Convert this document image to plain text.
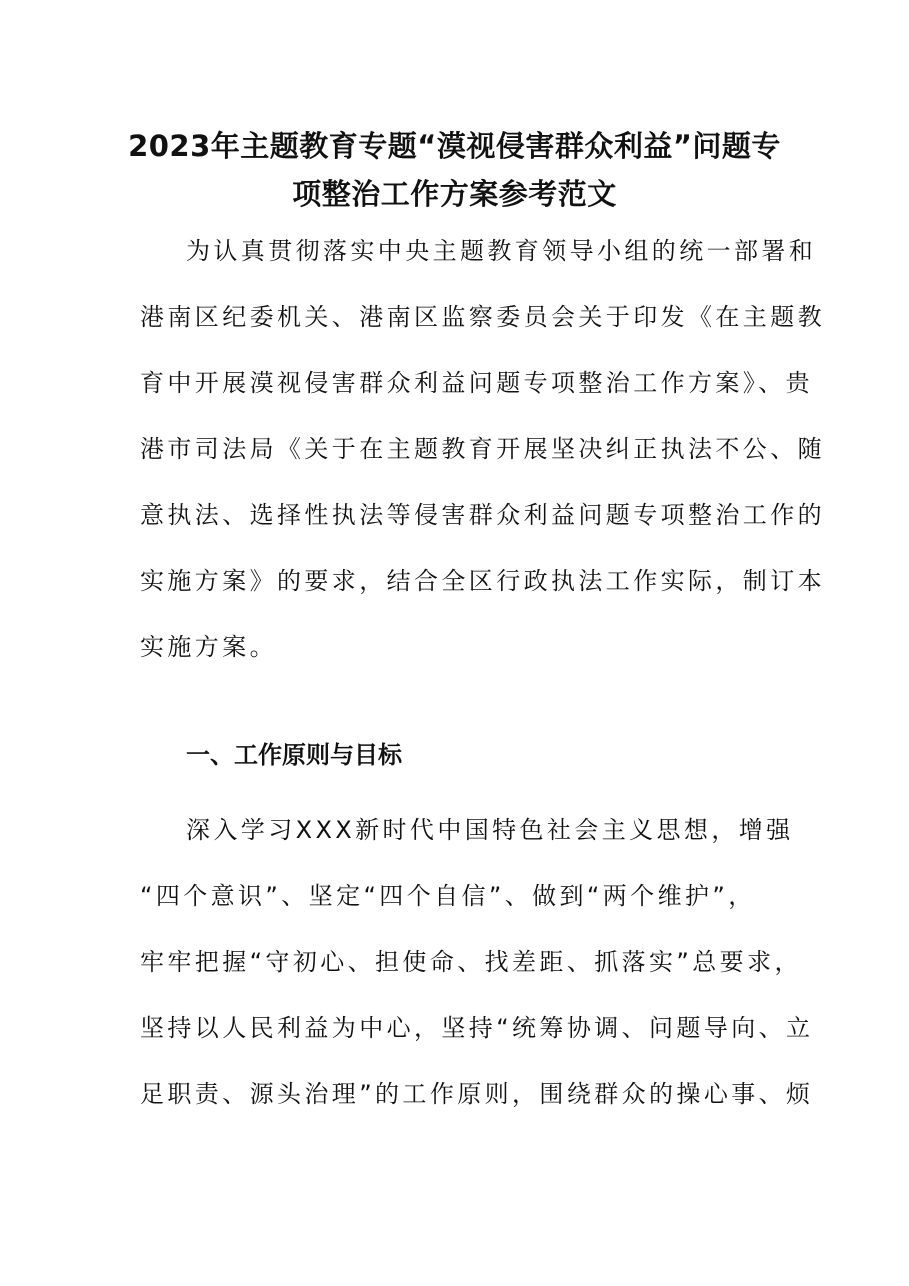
2023年主题教育专题“漠视侵害群众利益”问题专
项整治工作方案参考范文
为认真贯彻落实中央主题教育领导小组的统一部署和
港南区纪委机关、港南区监察委员会关于印发《在主题教
育中开展漠视侵害群众利益问题专项整治工作方案》、贵
港市司法局《关于在主题教育开展坚决纠正执法不公、随
意执法、选择性执法等侵害群众利益问题专项整治工作的
实施方案》的要求，结合全区行政执法工作实际，制订本
实施方案。
一、工作原则与目标
深入学习XXX新时代中国特色社会主义思想，增强
“四个意识”、坚定“四个自信”、做到“两个维护”，
牢牢把握“守初心、担使命、找差距、抓落实”总要求，
坚持以人民利益为中心，坚持“统筹协调、问题导向、立
足职责、源头治理”的工作原则，围绕群众的操心事、烦
